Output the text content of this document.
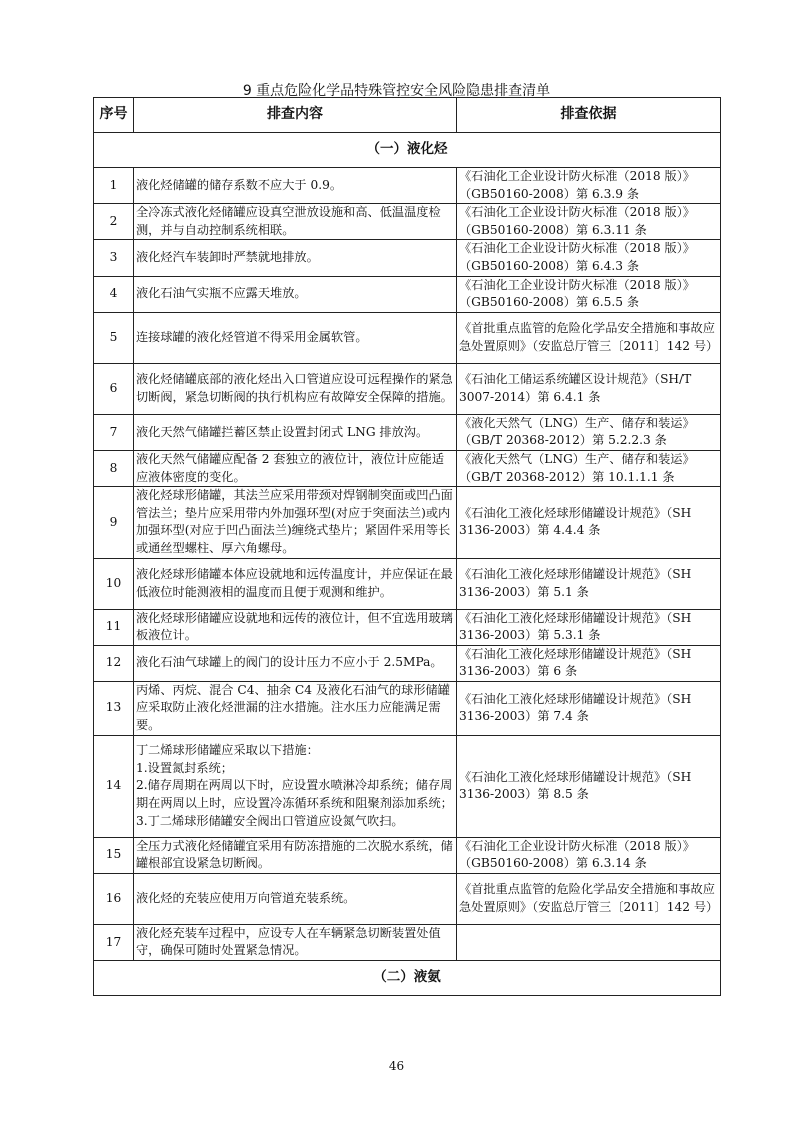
9 重点危险化学品特殊管控安全风险隐患排查清单
序号	排查内容	排查依据
（一）液化烃		
1	液化烃储罐的储存系数不应大于 0.9。	《石油化工企业设计防火标准（2018 版）》（GB50160-2008）第 6.3.9 条
2	全冷冻式液化烃储罐应设真空泄放设施和高、低温温度检测，并与自动控制系统相联。	《石油化工企业设计防火标准（2018 版）》（GB50160-2008）第 6.3.11 条
3	液化烃汽车装卸时严禁就地排放。	《石油化工企业设计防火标准（2018 版）》（GB50160-2008）第 6.4.3 条
4	液化石油气实瓶不应露天堆放。	《石油化工企业设计防火标准（2018 版）》（GB50160-2008）第 6.5.5 条
5	连接球罐的液化烃管道不得采用金属软管。	《首批重点监管的危险化学品安全措施和事故应急处置原则》（安监总厅管三〔2011〕142 号）
6	液化烃储罐底部的液化烃出入口管道应设可远程操作的紧急切断阀，紧急切断阀的执行机构应有故障安全保障的措施。	《石油化工储运系统罐区设计规范》（SH/T 3007-2014）第 6.4.1 条
7	液化天然气储罐拦蓄区禁止设置封闭式 LNG 排放沟。	《液化天然气（LNG）生产、储存和装运》（GB/T 20368-2012）第 5.2.2.3 条
8	液化天然气储罐应配备 2 套独立的液位计，液位计应能适应液体密度的变化。	《液化天然气（LNG）生产、储存和装运》（GB/T 20368-2012）第 10.1.1.1 条
9	液化烃球形储罐，其法兰应采用带颈对焊钢制突面或凹凸面管法兰；垫片应采用带内外加强环型(对应于突面法兰)或内加强环型(对应于凹凸面法兰)缠绕式垫片；紧固件采用等长或通丝型螺柱、厚六角螺母。	《石油化工液化烃球形储罐设计规范》（SH 3136-2003）第 4.4.4 条
10	液化烃球形储罐本体应设就地和远传温度计，并应保证在最低液位时能测液相的温度而且便于观测和维护。	《石油化工液化烃球形储罐设计规范》（SH 3136-2003）第 5.1 条
11	液化烃球形储罐应设就地和远传的液位计，但不宜选用玻璃板液位计。	《石油化工液化烃球形储罐设计规范》（SH 3136-2003）第 5.3.1 条
12	液化石油气球罐上的阀门的设计压力不应小于 2.5MPa。	《石油化工液化烃球形储罐设计规范》（SH 3136-2003）第 6 条
13	丙烯、丙烷、混合 C4、抽余 C4 及液化石油气的球形储罐应采取防止液化烃泄漏的注水措施。注水压力应能满足需要。	《石油化工液化烃球形储罐设计规范》（SH 3136-2003）第 7.4 条
14	丁二烯球形储罐应采取以下措施：
1.设置氮封系统；
2.储存周期在两周以下时，应设置水喷淋冷却系统；储存周期在两周以上时，应设置冷冻循环系统和阻聚剂添加系统；
3.丁二烯球形储罐安全阀出口管道应设氮气吹扫。	《石油化工液化烃球形储罐设计规范》（SH 3136-2003）第 8.5 条
15	全压力式液化烃储罐宜采用有防冻措施的二次脱水系统，储罐根部宜设紧急切断阀。	《石油化工企业设计防火标准（2018 版）》（GB50160-2008）第 6.3.14 条
16	液化烃的充装应使用万向管道充装系统。	《首批重点监管的危险化学品安全措施和事故应急处置原则》（安监总厅管三〔2011〕142 号）
17	液化烃充装车过程中，应设专人在车辆紧急切断装置处值守，确保可随时处置紧急情况。	
（二）液氨		
46
